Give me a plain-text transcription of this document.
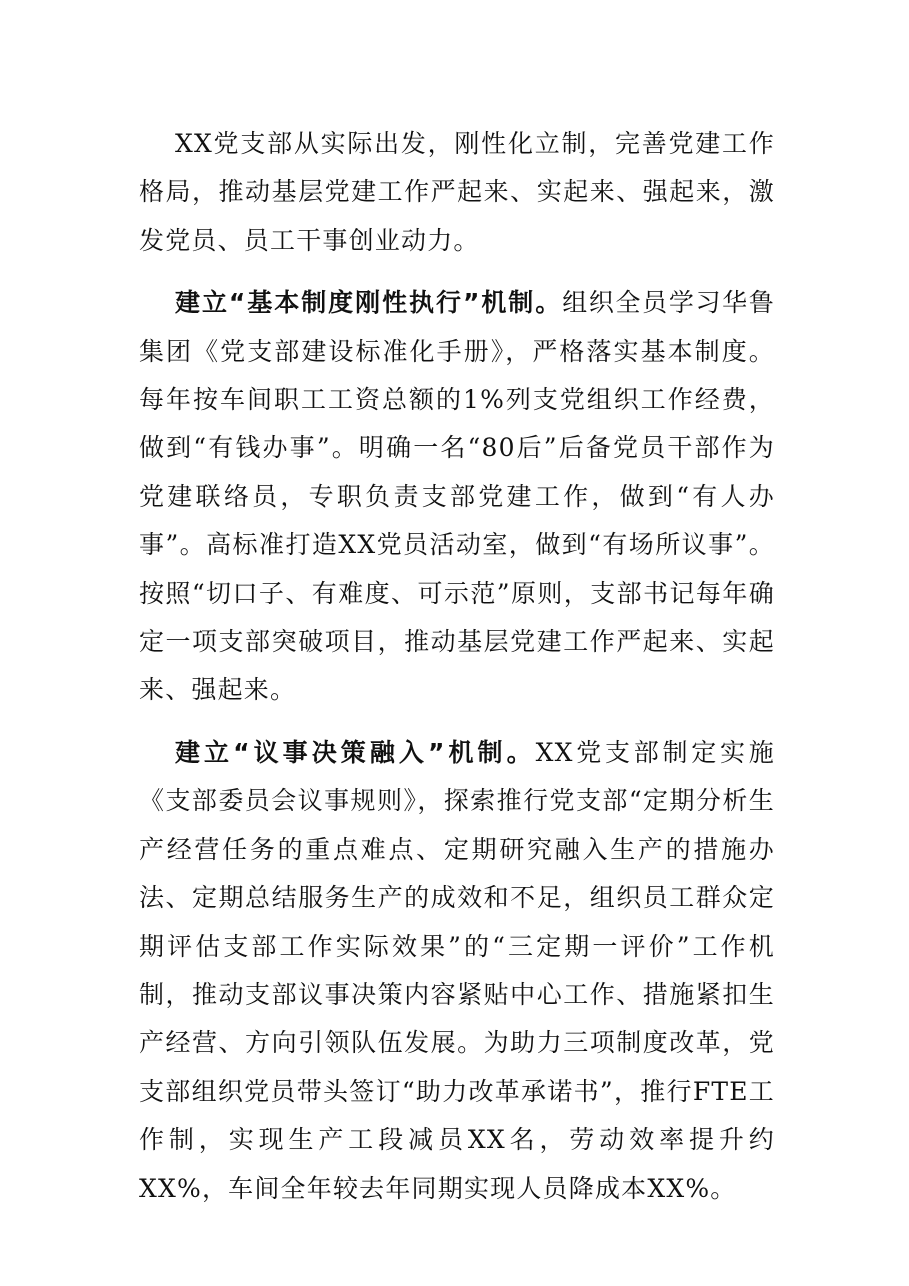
XX党支部从实际出发，刚性化立制，完善党建工作格局，推动基层党建工作严起来、实起来、强起来，激发党员、员工干事创业动力。

建立“基本制度刚性执行”机制。组织全员学习华鲁集团《党支部建设标准化手册》，严格落实基本制度。每年按车间职工工资总额的1%列支党组织工作经费，做到“有钱办事”。明确一名“80后”后备党员干部作为党建联络员，专职负责支部党建工作，做到“有人办事”。高标准打造XX党员活动室，做到“有场所议事”。按照“切口子、有难度、可示范”原则，支部书记每年确定一项支部突破项目，推动基层党建工作严起来、实起来、强起来。

建立“议事决策融入”机制。XX党支部制定实施《支部委员会议事规则》，探索推行党支部“定期分析生产经营任务的重点难点、定期研究融入生产的措施办法、定期总结服务生产的成效和不足，组织员工群众定期评估支部工作实际效果”的“三定期一评价”工作机制，推动支部议事决策内容紧贴中心工作、措施紧扣生产经营、方向引领队伍发展。为助力三项制度改革，党支部组织党员带头签订“助力改革承诺书”，推行FTE工作制，实现生产工段减员XX名，劳动效率提升约XX%，车间全年较去年同期实现人员降成本XX%。
